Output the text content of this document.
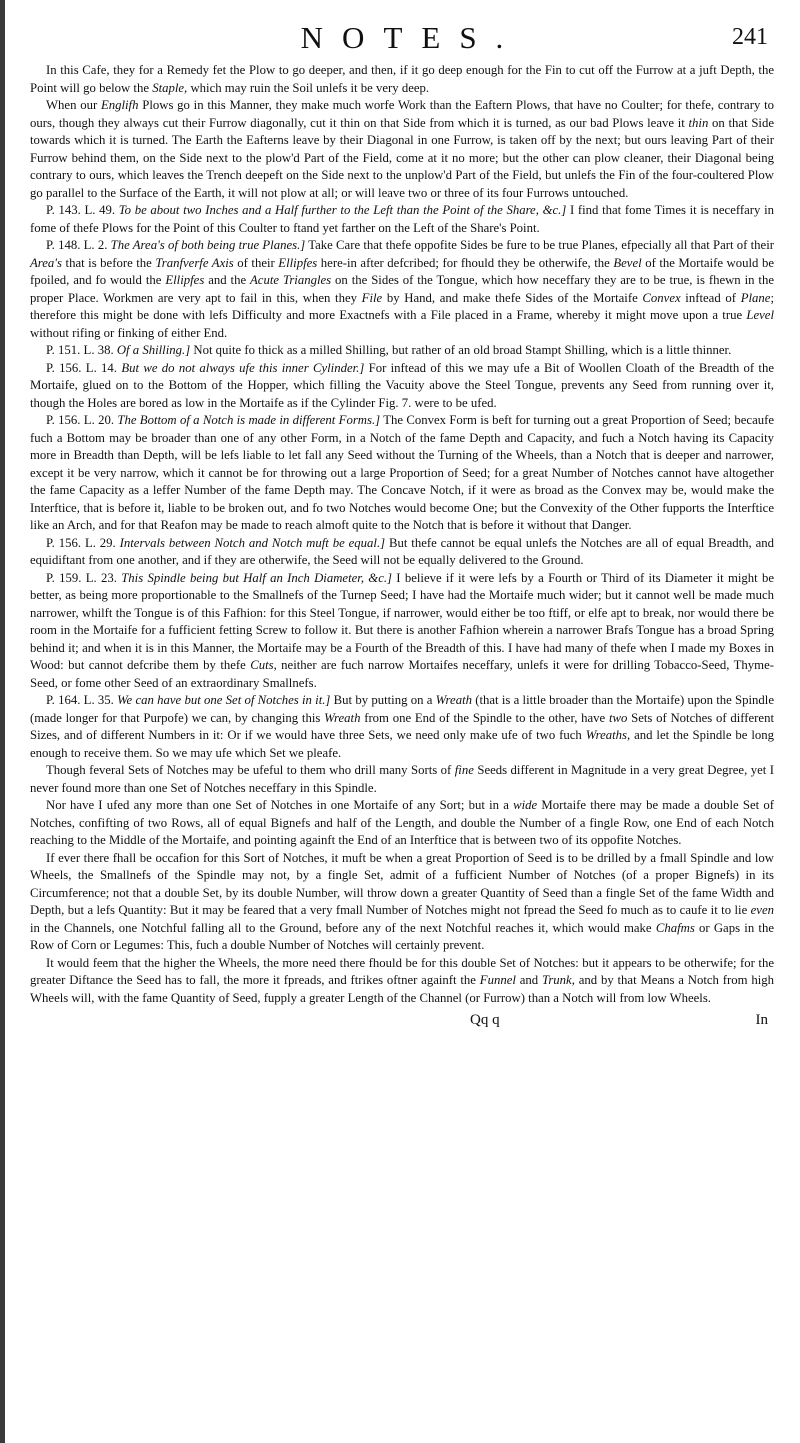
NOTES.	241

In this Cafe, they for a Remedy fet the Plow to go deeper, and then, if it go deep enough for the Fin to cut off the Furrow at a juft Depth, the Point will go below the Staple, which may ruin the Soil unlefs it be very deep.

When our Englifh Plows go in this Manner, they make much worfe Work than the Eaftern Plows, that have no Coulter; for thefe, contrary to ours, though they always cut their Furrow diagonally, cut it thin on that Side from which it is turned, as our bad Plows leave it thin on that Side towards which it is turned. The Earth the Eafterns leave by their Diagonal in one Furrow, is taken off by the next; but ours leaving Part of their Furrow behind them, on the Side next to the plow'd Part of the Field, come at it no more; but the other can plow cleaner, their Diagonal being contrary to ours, which leaves the Trench deepeft on the Side next to the unplow'd Part of the Field, but unlefs the Fin of the four-coultered Plow go parallel to the Surface of the Earth, it will not plow at all; or will leave two or three of its four Furrows untouched.

P. 143. L. 49. To be about two Inches and a Half further to the Left than the Point of the Share, &c.] I find that fome Times it is neceffary in fome of thefe Plows for the Point of this Coulter to ftand yet farther on the Left of the Share's Point.

P. 148. L. 2. The Area's of both being true Planes.] Take Care that thefe oppofite Sides be fure to be true Planes, efpecially all that Part of their Area's that is before the Tranfverfe Axis of their Ellipfes here-in after defcribed; for fhould they be otherwife, the Bevel of the Mortaife would be fpoiled, and fo would the Ellipfes and the Acute Triangles on the Sides of the Tongue, which how neceffary they are to be true, is fhewn in the proper Place. Workmen are very apt to fail in this, when they File by Hand, and make thefe Sides of the Mortaife Convex inftead of Plane; therefore this might be done with lefs Difficulty and more Exactnefs with a File placed in a Frame, whereby it might move upon a true Level without rifing or finking of either End.

P. 151. L. 38. Of a Shilling.] Not quite fo thick as a milled Shilling, but rather of an old broad Stampt Shilling, which is a little thinner.

P. 156. L. 14. But we do not always ufe this inner Cylinder.] For inftead of this we may ufe a Bit of Woollen Cloath of the Breadth of the Mortaife, glued on to the Bottom of the Hopper, which filling the Vacuity above the Steel Tongue, prevents any Seed from running over it, though the Holes are bored as low in the Mortaife as if the Cylinder Fig. 7. were to be ufed.

P. 156. L. 20. The Bottom of a Notch is made in different Forms.] The Convex Form is beft for turning out a great Proportion of Seed; becaufe fuch a Bottom may be broader than one of any other Form, in a Notch of the fame Depth and Capacity, and fuch a Notch having its Capacity more in Breadth than Depth, will be lefs liable to let fall any Seed without the Turning of the Wheels, than a Notch that is deeper and narrower, except it be very narrow, which it cannot be for throwing out a large Proportion of Seed; for a great Number of Notches cannot have altogether the fame Capacity as a leffer Number of the fame Depth may. The Concave Notch, if it were as broad as the Convex may be, would make the Interftice, that is before it, liable to be broken out, and fo two Notches would become One; but the Convexity of the Other fupports the Interftice like an Arch, and for that Reafon may be made to reach almoft quite to the Notch that is before it without that Danger.

P. 156. L. 29. Intervals between Notch and Notch muft be equal.] But thefe cannot be equal unlefs the Notches are all of equal Breadth, and equidiftant from one another, and if they are otherwife, the Seed will not be equally delivered to the Ground.

P. 159. L. 23. This Spindle being but Half an Inch Diameter, &c.] I believe if it were lefs by a Fourth or Third of its Diameter it might be better, as being more proportionable to the Smallnefs of the Turnep Seed; I have had the Mortaife much wider; but it cannot well be made much narrower, whilft the Tongue is of this Fafhion: for this Steel Tongue, if narrower, would either be too ftiff, or elfe apt to break, nor would there be room in the Mortaife for a fufficient fetting Screw to follow it. But there is another Fafhion wherein a narrower Brafs Tongue has a broad Spring behind it; and when it is in this Manner, the Mortaife may be a Fourth of the Breadth of this. I have had many of thefe when I made my Boxes in Wood: but cannot defcribe them by thefe Cuts, neither are fuch narrow Mortaifes neceffary, unlefs it were for drilling Tobacco-Seed, Thyme-Seed, or fome other Seed of an extraordinary Smallnefs.

P. 164. L. 35. We can have but one Set of Notches in it.] But by putting on a Wreath (that is a little broader than the Mortaife) upon the Spindle (made longer for that Purpofe) we can, by changing this Wreath from one End of the Spindle to the other, have two Sets of Notches of different Sizes, and of different Numbers in it: Or if we would have three Sets, we need only make ufe of two fuch Wreaths, and let the Spindle be long enough to receive them. So we may ufe which Set we pleafe.

Though feveral Sets of Notches may be ufeful to them who drill many Sorts of fine Seeds different in Magnitude in a very great Degree, yet I never found more than one Set of Notches neceffary in this Spindle.

Nor have I ufed any more than one Set of Notches in one Mortaife of any Sort; but in a wide Mortaife there may be made a double Set of Notches, confifting of two Rows, all of equal Bignefs and half of the Length, and double the Number of a fingle Row, one End of each Notch reaching to the Middle of the Mortaife, and pointing againft the End of an Interftice that is between two of its oppofite Notches.

If ever there fhall be occafion for this Sort of Notches, it muft be when a great Proportion of Seed is to be drilled by a fmall Spindle and low Wheels, the Smallnefs of the Spindle may not, by a fingle Set, admit of a fufficient Number of Notches (of a proper Bignefs) in its Circumference; not that a double Set, by its double Number, will throw down a greater Quantity of Seed than a fingle Set of the fame Width and Depth, but a lefs Quantity: But it may be feared that a very fmall Number of Notches might not fpread the Seed fo much as to caufe it to lie even in the Channels, one Notchful falling all to the Ground, before any of the next Notchful reaches it, which would make Chafms or Gaps in the Row of Corn or Legumes: This, fuch a double Number of Notches will certainly prevent.

It would feem that the higher the Wheels, the more need there fhould be for this double Set of Notches: but it appears to be otherwife; for the greater Diftance the Seed has to fall, the more it fpreads, and ftrikes oftner againft the Funnel and Trunk, and by that Means a Notch from high Wheels will, with the fame Quantity of Seed, fupply a greater Length of the Channel (or Furrow) than a Notch will from low Wheels.

Qq q	In
